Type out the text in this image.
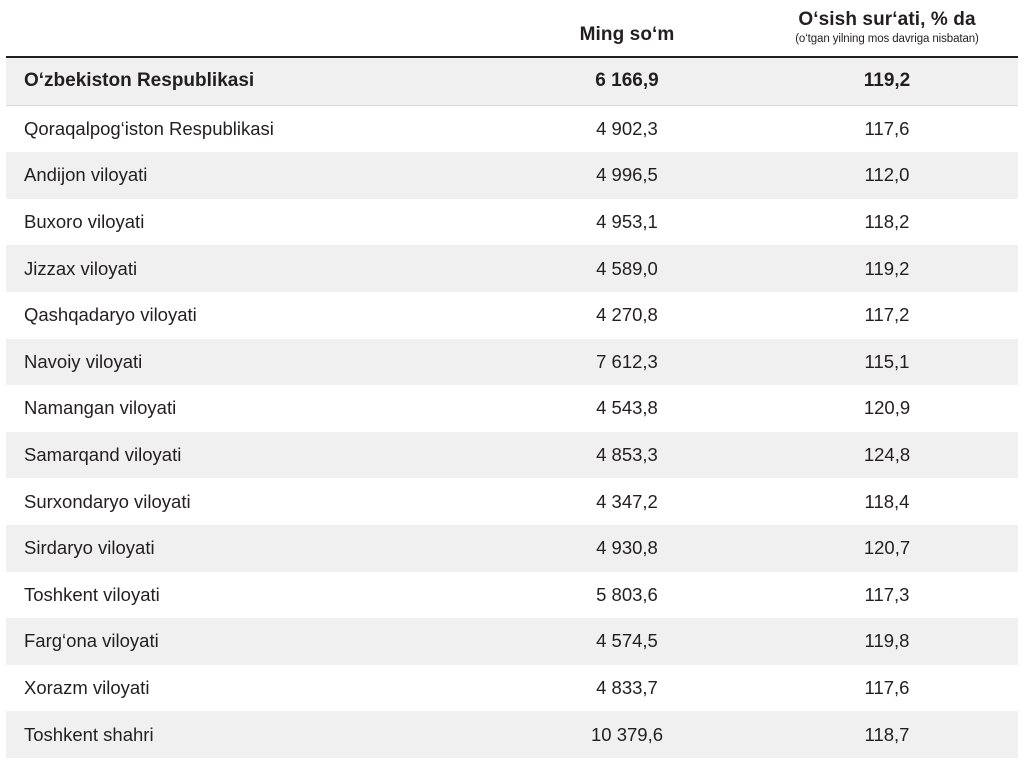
	Ming so‘m	O‘sish sur‘ati, % da
(o‘tgan yilning mos davriga nisbatan)

O‘zbekiston Respublikasi	6 166,9	119,2
Qoraqalpog‘iston Respublikasi	4 902,3	117,6
Andijon viloyati	4 996,5	112,0
Buxoro viloyati	4 953,1	118,2
Jizzax viloyati	4 589,0	119,2
Qashqadaryo viloyati	4 270,8	117,2
Navoiy viloyati	7 612,3	115,1
Namangan viloyati	4 543,8	120,9
Samarqand viloyati	4 853,3	124,8
Surxondaryo viloyati	4 347,2	118,4
Sirdaryo viloyati	4 930,8	120,7
Toshkent viloyati	5 803,6	117,3
Farg‘ona viloyati	4 574,5	119,8
Xorazm viloyati	4 833,7	117,6
Toshkent shahri	10 379,6	118,7
